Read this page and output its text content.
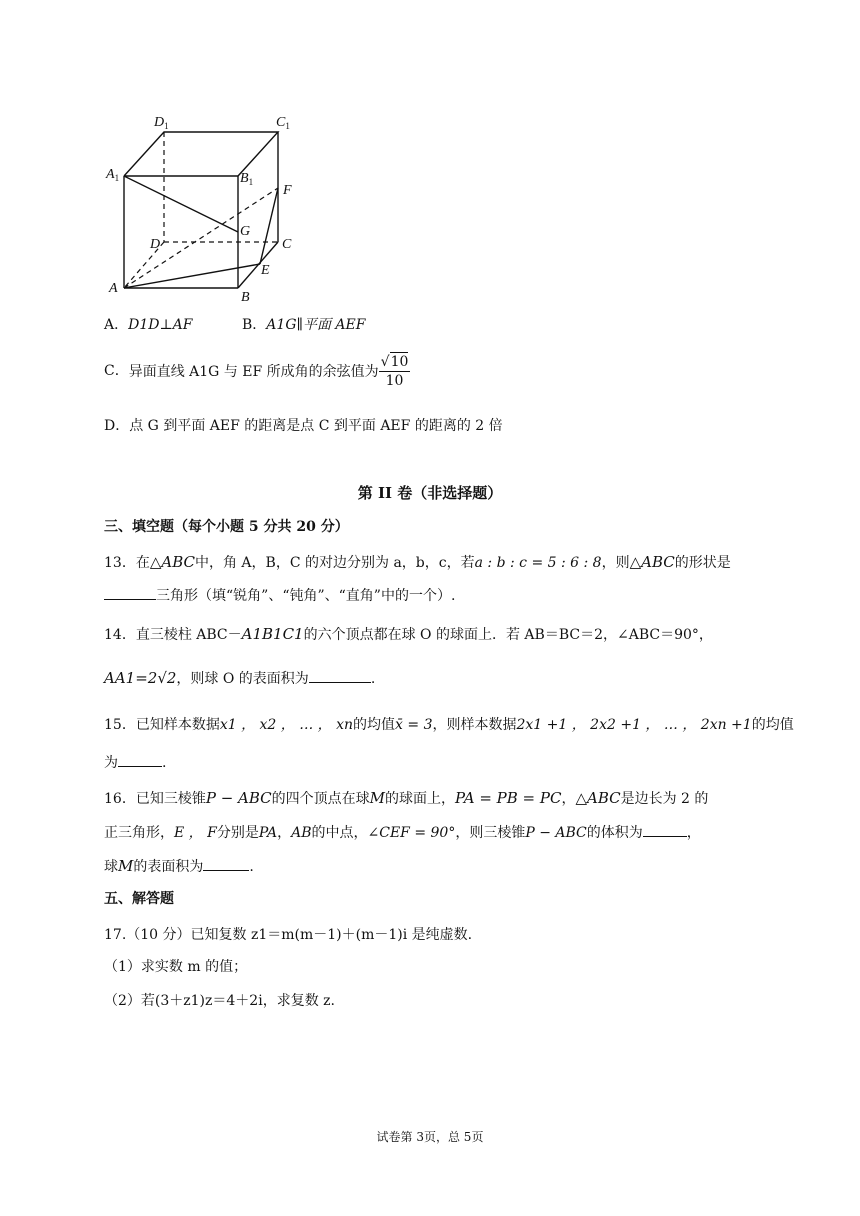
$D_1$	$C_1$
$A_1$	$B_1$
F
G
D	C
E
A
B
A．D1D⊥AF	B．A1G∥平面 AEF
C．异面直线 A1G 与 EF 所成角的余弦值为 $\frac{√10}{10}$
D．点 G 到平面 AEF 的距离是点 C 到平面 AEF 的距离的 2 倍
第 II 卷（非选择题）
三、填空题（每个小题 5 分共 20 分）
13．在△ABC中，角 A，B，C 的对边分别为 a，b，c，若a : b : c = 5 : 6 : 8，则△ABC的形状是
三角形（填“锐角”、“钝角”、“直角”中的一个）.
14．直三棱柱 ABC－A1B1C1的六个顶点都在球 O 的球面上．若 AB＝BC＝2，∠ABC＝90°，
AA1=2√2，则球 O 的表面积为	.
15．已知样本数据x1 ， x2 ， … ， xn的均值x̄ = 3，则样本数据2x1 +1 ， 2x2 +1 ， … ， 2xn +1的均值
为	.
16．已知三棱锥P − ABC的四个顶点在球M的球面上，PA = PB = PC，△ABC是边长为 2 的
正三角形，E ， F分别是PA，AB的中点，∠CEF = 90°，则三棱锥P − ABC的体积为	，
球M的表面积为	.
五、解答题
17.（10 分）已知复数 z1＝m(m－1)＋(m－1)i 是纯虚数.
（1）求实数 m 的值；
（2）若(3＋z1)z＝4＋2i，求复数 z.
试卷第 3页，总 5页
